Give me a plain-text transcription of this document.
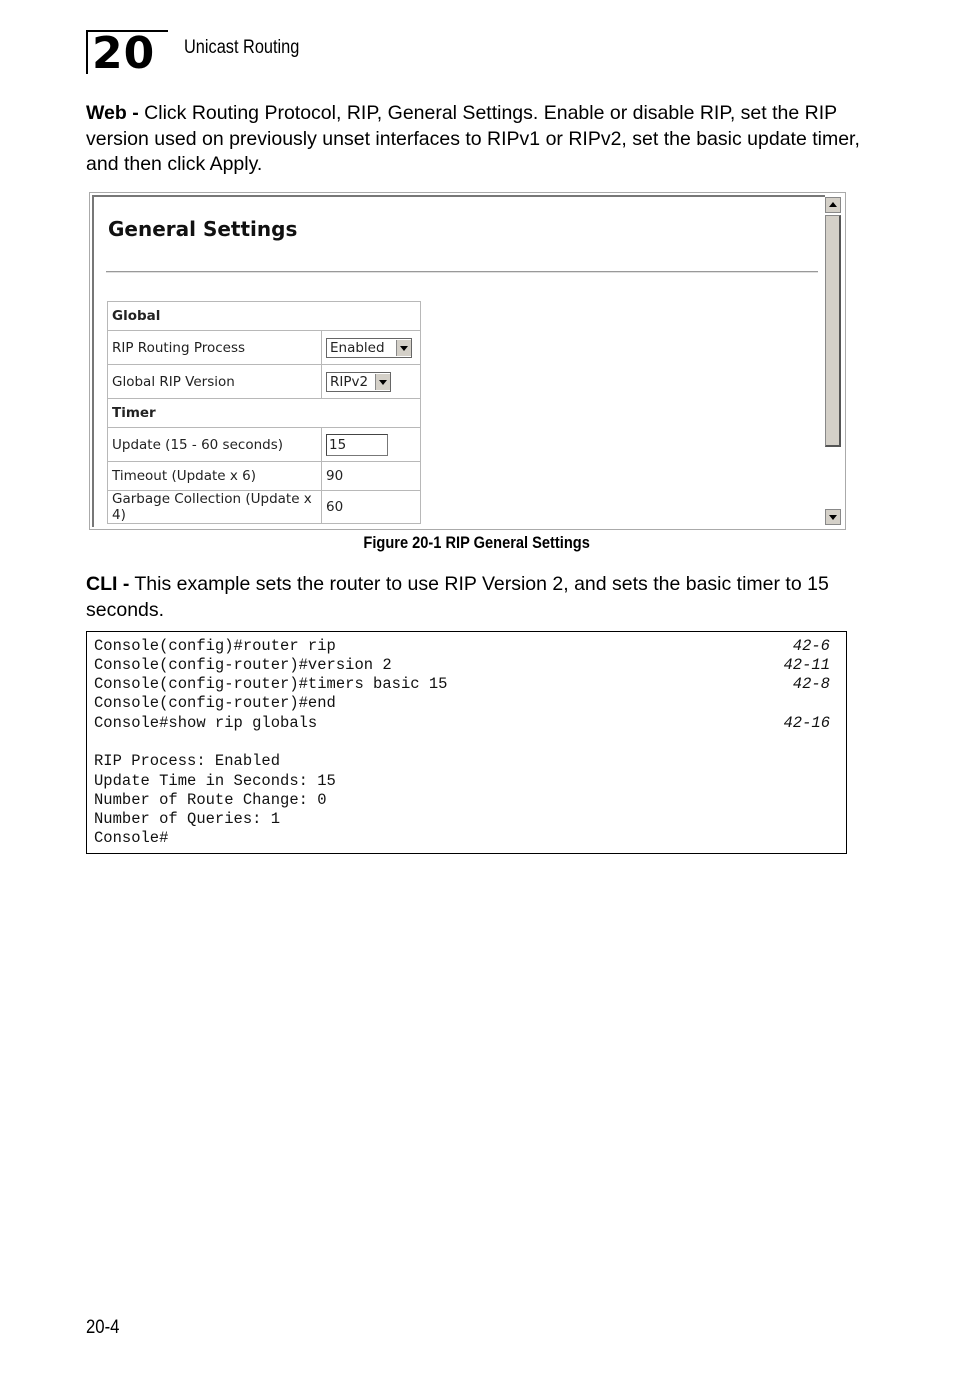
20	Unicast Routing
Web - Click Routing Protocol, RIP, General Settings. Enable or disable RIP, set the RIP version used on previously unset interfaces to RIPv1 or RIPv2, set the basic update timer, and then click Apply.
General Settings
Global	
RIP Routing Process	Enabled

Global RIP Version	RIPv2

Timer	
Update (15 - 60 seconds)	15
Timeout (Update x 6)	90
Garbage Collection (Update x 4)	60
Figure 20-1 RIP General Settings
CLI - This example sets the router to use RIP Version 2, and sets the basic timer to 15 seconds.
Console(config)#router rip	42-6
Console(config-router)#version 2	42-11
Console(config-router)#timers basic 15	42-8
Console(config-router)#end
Console#show rip globals	42-16
RIP Process: Enabled
Update Time in Seconds: 15
Number of Route Change: 0
Number of Queries: 1
Console#
20-4
